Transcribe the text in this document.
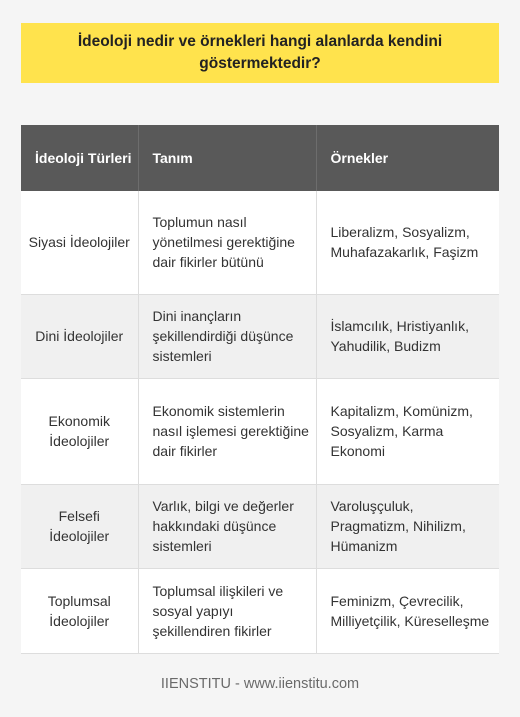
İdeoloji nedir ve örnekleri hangi alanlarda kendini göstermektedir?
İdeoloji Türleri	Tanım	Örnekler
Siyasi İdeolojiler	Toplumun nasıl yönetilmesi gerektiğine dair fikirler bütünü	Liberalizm, Sosyalizm, Muhafazakarlık, Faşizm
Dini İdeolojiler	Dini inançların şekillendirdiği düşünce sistemleri	İslamcılık, Hristiyanlık, Yahudilik, Budizm
Ekonomik İdeolojiler	Ekonomik sistemlerin nasıl işlemesi gerektiğine dair fikirler	Kapitalizm, Komünizm, Sosyalizm, Karma Ekonomi
Felsefi İdeolojiler	Varlık, bilgi ve değerler hakkındaki düşünce sistemleri	Varoluşçuluk, Pragmatizm, Nihilizm, Hümanizm
Toplumsal İdeolojiler	Toplumsal ilişkileri ve sosyal yapıyı şekillendiren fikirler	Feminizm, Çevrecilik, Milliyetçilik, Küreselleşme
IIENSTITU - www.iienstitu.com
